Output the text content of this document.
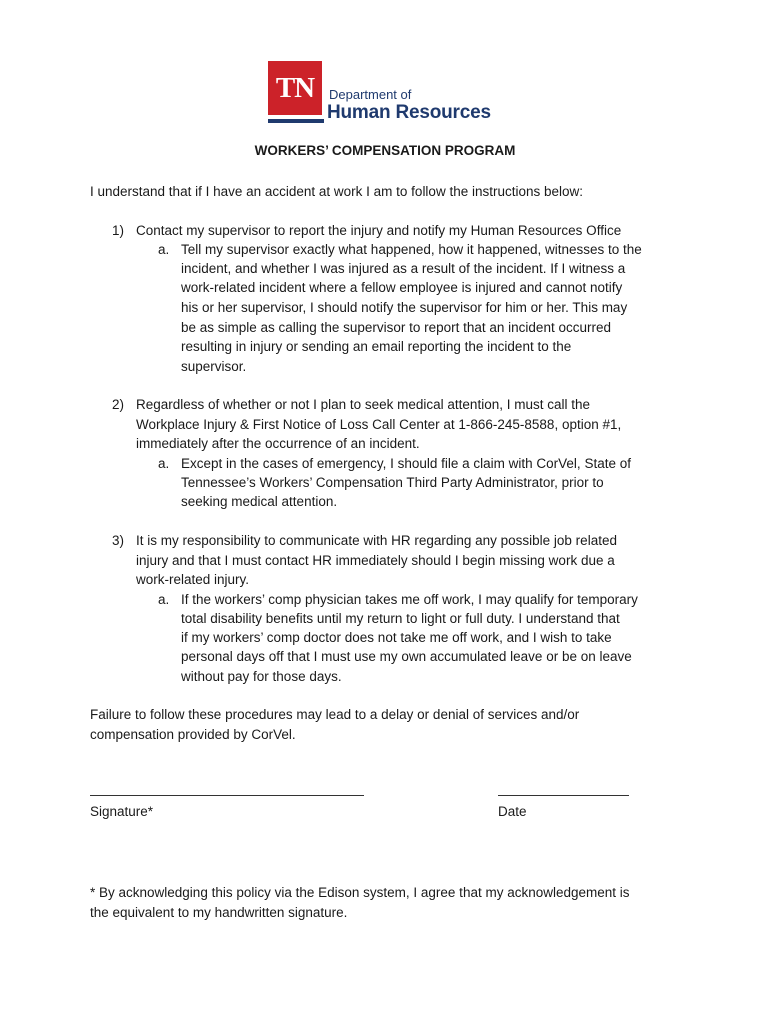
TN	Department of
Human Resources
WORKERS’ COMPENSATION PROGRAM
I understand that if I have an accident at work I am to follow the instructions below:
1) Contact my supervisor to report the injury and notify my Human Resources Office
a. Tell my supervisor exactly what happened, how it happened, witnesses to the
incident, and whether I was injured as a result of the incident. If I witness a
work-related incident where a fellow employee is injured and cannot notify
his or her supervisor, I should notify the supervisor for him or her. This may
be as simple as calling the supervisor to report that an incident occurred
resulting in injury or sending an email reporting the incident to the
supervisor.
2) Regardless of whether or not I plan to seek medical attention, I must call the
Workplace Injury & First Notice of Loss Call Center at 1-866-245-8588, option #1,
immediately after the occurrence of an incident.
a. Except in the cases of emergency, I should file a claim with CorVel, State of
Tennessee’s Workers’ Compensation Third Party Administrator, prior to
seeking medical attention.
3) It is my responsibility to communicate with HR regarding any possible job related
injury and that I must contact HR immediately should I begin missing work due a
work-related injury.
a. If the workers’ comp physician takes me off work, I may qualify for temporary
total disability benefits until my return to light or full duty. I understand that
if my workers’ comp doctor does not take me off work, and I wish to take
personal days off that I must use my own accumulated leave or be on leave
without pay for those days.
Failure to follow these procedures may lead to a delay or denial of services and/or
compensation provided by CorVel.
Signature*	Date
* By acknowledging this policy via the Edison system, I agree that my acknowledgement is
the equivalent to my handwritten signature.
